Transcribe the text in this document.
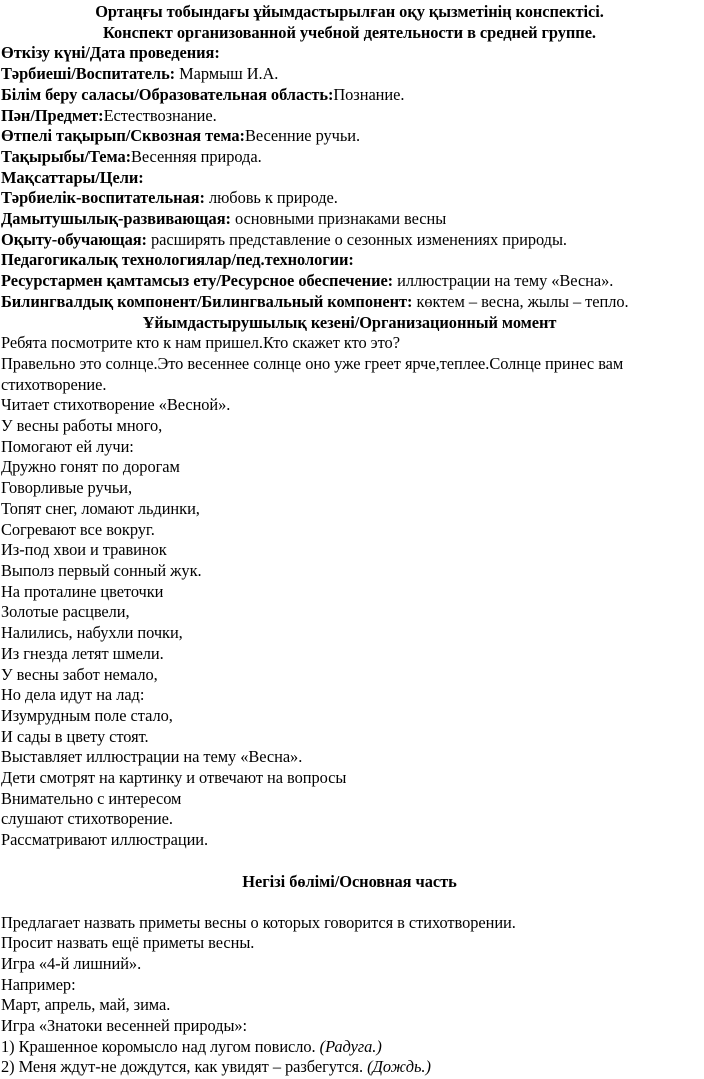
Ортаңғы тобындағы ұйымдастырылған оқу қызметінің конспектісі.
Конспект организованной учебной деятельности в средней группе.
Өткізу күні/Дата проведения:
Тәрбиеші/Воспитатель: Мармыш И.А.
Білім беру саласы/Образовательная область:Познание.
Пән/Предмет:Естествознание.
Өтпелі тақырып/Сквозная тема:Весенние ручьи.
Тақырыбы/Тема:Весенняя природа.
Мақсаттары/Цели:
Тәрбиелік-воспитательная: любовь к природе.
Дамытушылық-развивающая: основными признаками весны
Оқыту-обучающая: расширять представление о сезонных изменениях природы.
Педагогикалық технологиялар/пед.технологии:
Ресурстармен қамтамсыз ету/Ресурсное обеспечение: иллюстрации на тему «Весна».
Билингвалдық компонент/Билингвальный компонент: көктем – весна, жылы – тепло.
Ұйымдастырушылық кезені/Организационный момент
Ребята посмотрите кто к нам пришел.Кто скажет кто это?
Правельно это солнце.Это весеннее солнце оно уже греет ярче,теплее.Солнце принес вам
стихотворение.
Читает стихотворение «Весной».
У весны работы много,
Помогают ей лучи:
Дружно гонят по дорогам
Говорливые ручьи,
Топят снег, ломают льдинки,
Согревают все вокруг.
Из-под хвои и травинок
Выполз первый сонный жук.
На проталине цветочки
Золотые расцвели,
Налились, набухли почки,
Из гнезда летят шмели.
У весны забот немало,
Но дела идут на лад:
Изумрудным поле стало,
И сады в цвету стоят.
Выставляет иллюстрации на тему «Весна».
Дети смотрят на картинку и отвечают на вопросы
Внимательно с интересом
слушают стихотворение.
Рассматривают иллюстрации.
Негізі бөлімі/Основная часть
Предлагает назвать приметы весны о которых говорится в стихотворении.
Просит назвать ещё приметы весны.
Игра «4-й лишний».
Например:
Март, апрель, май, зима.
Игра «Знатоки весенней природы»:
1) Крашенное коромысло над лугом повисло. (Радуга.)
2) Меня ждут-не дождутся, как увидят – разбегутся. (Дождь.)
